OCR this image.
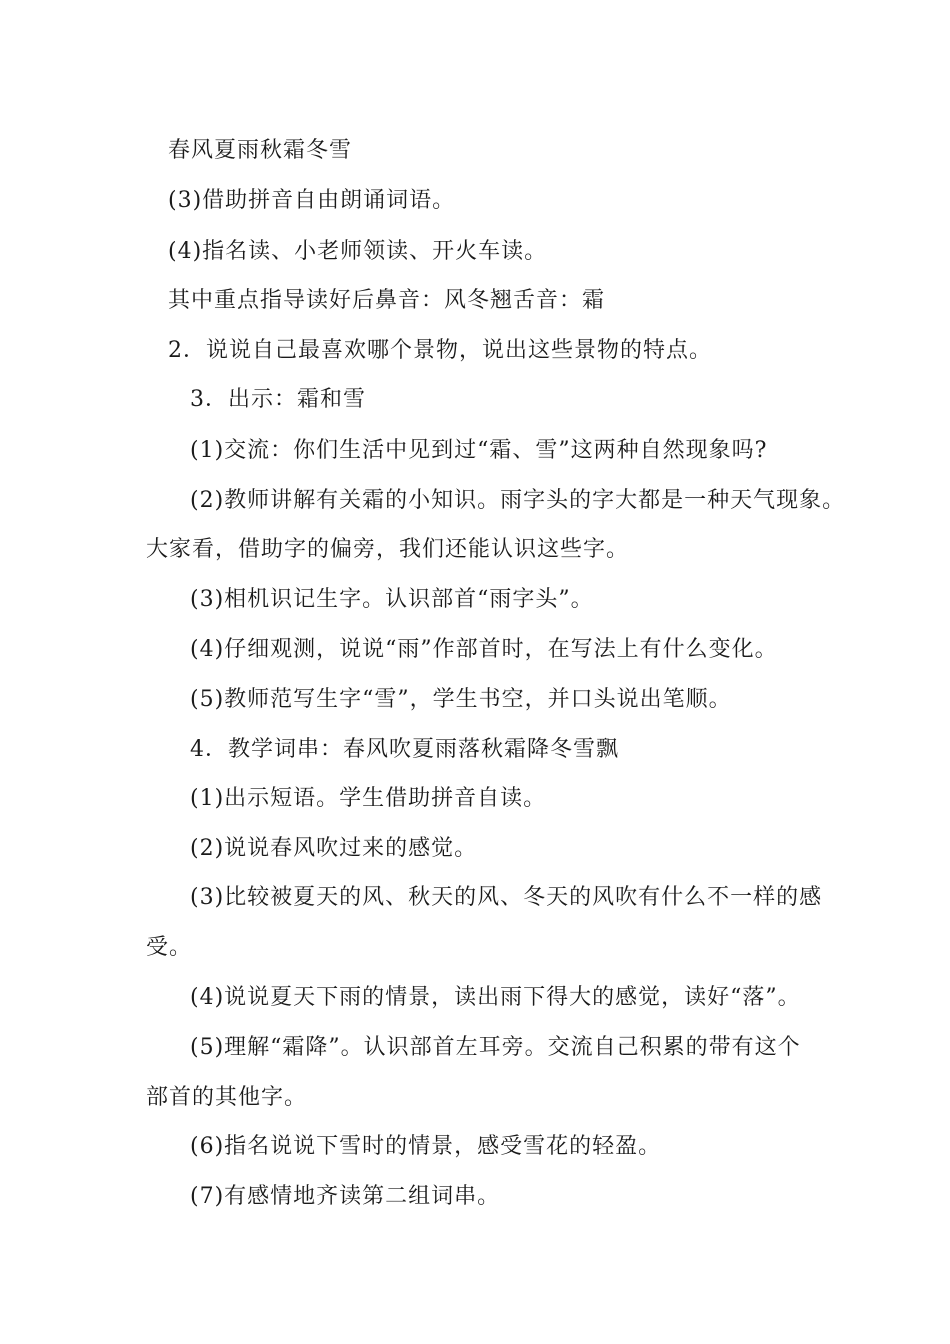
春风夏雨秋霜冬雪
(3)借助拼音自由朗诵词语。
(4)指名读、小老师领读、开火车读。
其中重点指导读好后鼻音：风冬翘舌音：霜
2．说说自己最喜欢哪个景物，说出这些景物的特点。
3．出示：霜和雪
(1)交流：你们生活中见到过“霜、雪”这两种自然现象吗?
(2)教师讲解有关霜的小知识。雨字头的字大都是一种天气现象。
大家看，借助字的偏旁，我们还能认识这些字。
(3)相机识记生字。认识部首“雨字头”。
(4)仔细观测，说说“雨”作部首时，在写法上有什么变化。
(5)教师范写生字“雪”，学生书空，并口头说出笔顺。
4．教学词串：春风吹夏雨落秋霜降冬雪飘
(1)出示短语。学生借助拼音自读。
(2)说说春风吹过来的感觉。
(3)比较被夏天的风、秋天的风、冬天的风吹有什么不一样的感
受。
(4)说说夏天下雨的情景，读出雨下得大的感觉，读好“落”。
(5)理解“霜降”。认识部首左耳旁。交流自己积累的带有这个
部首的其他字。
(6)指名说说下雪时的情景，感受雪花的轻盈。
(7)有感情地齐读第二组词串。
